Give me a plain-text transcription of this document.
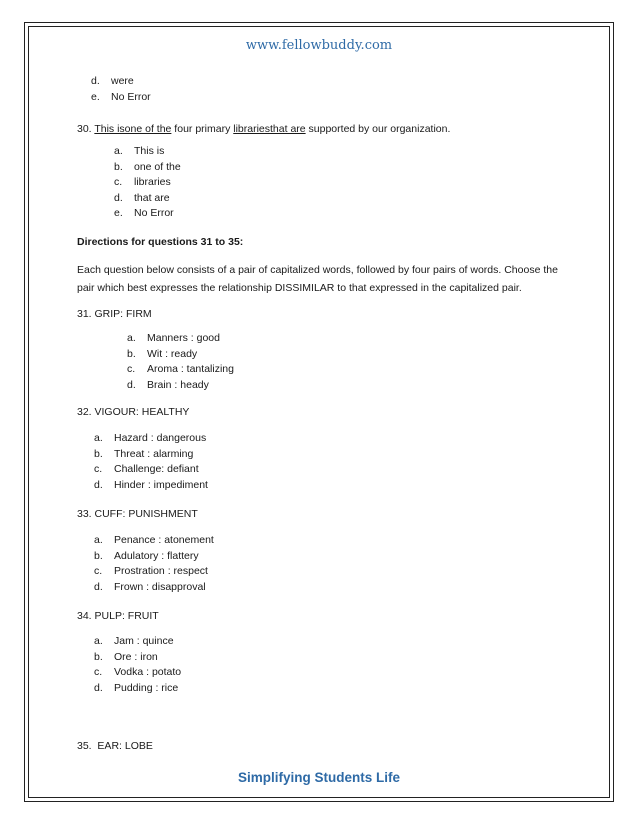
www.fellowbuddy.com
d.	were
e.	No Error
30. This isone of the four primary librariesthat are supported by our organization.
a.	This is
b.	one of the
c.	libraries
d.	that are
e.	No Error
Directions for questions 31 to 35:
Each question below consists of a pair of capitalized words, followed by four pairs of words. Choose the
pair which best expresses the relationship DISSIMILAR to that expressed in the capitalized pair.
31. GRIP: FIRM
a.	Manners : good
b.	Wit : ready
c.	Aroma : tantalizing
d.	Brain : heady
32. VIGOUR: HEALTHY
a.	Hazard : dangerous
b.	Threat : alarming
c.	Challenge: defiant
d.	Hinder : impediment
33. CUFF: PUNISHMENT
a.	Penance : atonement
b.	Adulatory : flattery
c.	Prostration : respect
d.	Frown : disapproval
34. PULP: FRUIT
a.	Jam : quince
b.	Ore : iron
c.	Vodka : potato
d.	Pudding : rice
35.  EAR: LOBE
Simplifying Students Life
